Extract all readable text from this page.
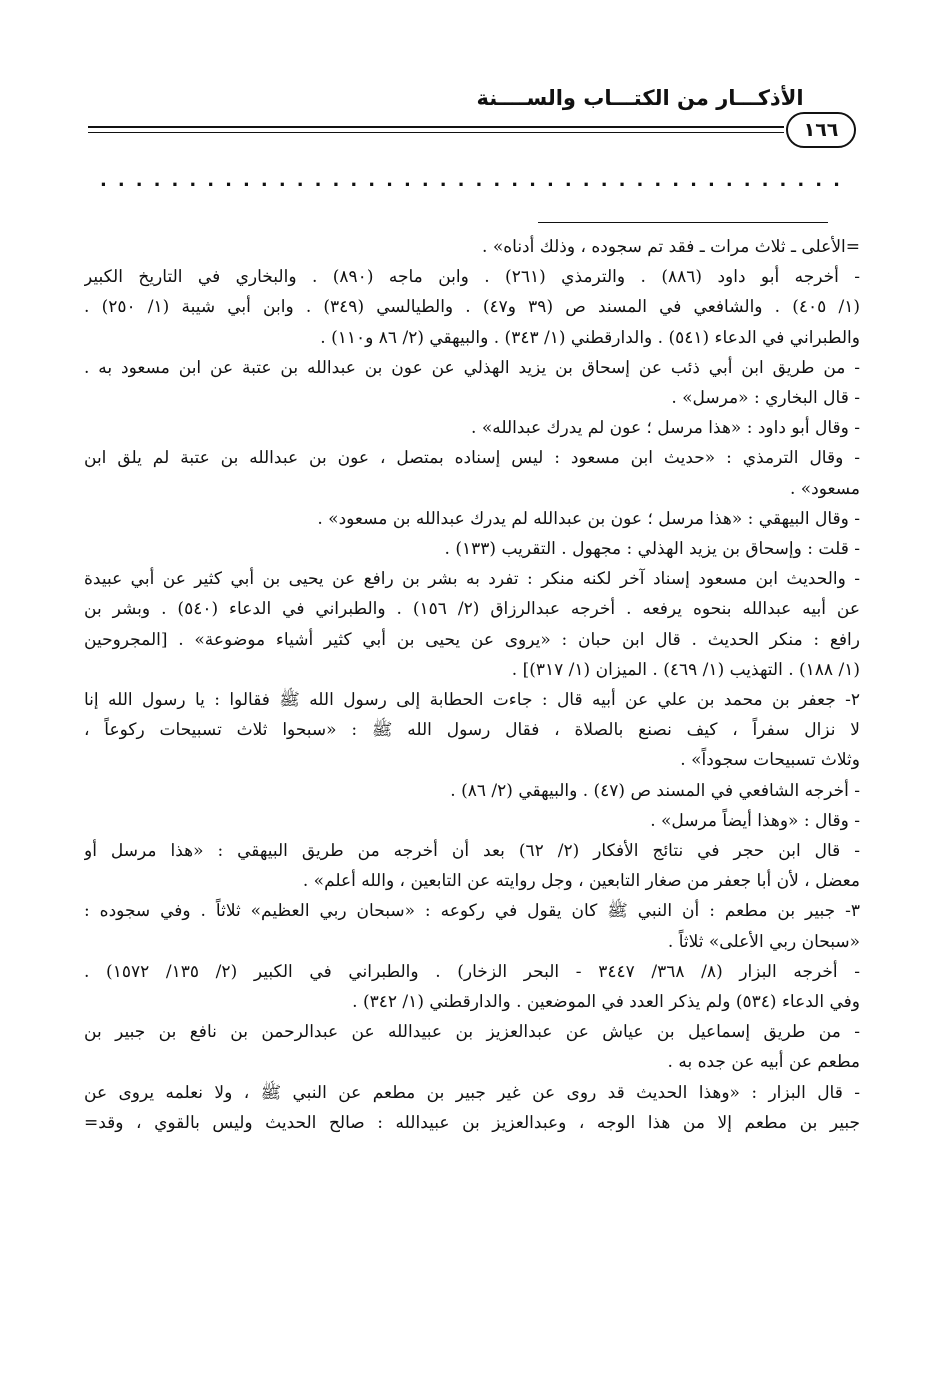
الأذكـــار من الكتـــاب والســــنة
١٦٦
. . . . . . . . . . . . . . . . . . . . . . . . . . . . . . . . . . . . . . . . . .
=الأعلى ـ ثلاث مرات ـ فقد تم سجوده ، وذلك أدناه» .
- أخرجه أبو داود (٨٨٦) . والترمذي (٢٦١) . وابن ماجه (٨٩٠) . والبخاري في التاريخ الكبير
(١/ ٤٠٥) . والشافعي في المسند ص (٣٩ و٤٧) . والطيالسي (٣٤٩) . وابن أبي شيبة (١/ ٢٥٠) .
والطبراني في الدعاء (٥٤١) . والدارقطني (١/ ٣٤٣) . والبيهقي (٢/ ٨٦ و١١٠) .
- من طريق ابن أبي ذئب عن إسحاق بن يزيد الهذلي عن عون بن عبدالله بن عتبة عن ابن مسعود به .
- قال البخاري : «مرسل» .
- وقال أبو داود : «هذا مرسل ؛ عون لم يدرك عبدالله» .
- وقال الترمذي : «حديث ابن مسعود : ليس إسناده بمتصل ، عون بن عبدالله بن عتبة لم يلق ابن
مسعود» .
- وقال البيهقي : «هذا مرسل ؛ عون بن عبدالله لم يدرك عبدالله بن مسعود» .
- قلت : وإسحاق بن يزيد الهذلي : مجهول . التقريب (١٣٣) .
- والحديث ابن مسعود إسناد آخر لكنه منكر : تفرد به بشر بن رافع عن يحيى بن أبي كثير عن أبي عبيدة
عن أبيه عبدالله بنحوه يرفعه . أخرجه عبدالرزاق (٢/ ١٥٦) . والطبراني في الدعاء (٥٤٠) . وبشر بن
رافع : منكر الحديث . قال ابن حبان : «يروى عن يحيى بن أبي كثير أشياء موضوعة» . [المجروحين
(١/ ١٨٨) . التهذيب (١/ ٤٦٩) . الميزان (١/ ٣١٧)] .
٢- جعفر بن محمد بن علي عن أبيه قال : جاءت الحطابة إلى رسول الله ﷺ فقالوا : يا رسول الله إنا
لا نزال سفراً ، كيف نصنع بالصلاة ، فقال رسول الله ﷺ : «سبحوا ثلاث تسبيحات ركوعاً ،
وثلاث تسبيحات سجوداً» .
- أخرجه الشافعي في المسند ص (٤٧) . والبيهقي (٢/ ٨٦) .
- وقال : «وهذا أيضاً مرسل» .
- قال ابن حجر في نتائج الأفكار (٢/ ٦٢) بعد أن أخرجه من طريق البيهقي : «هذا مرسل أو
معضل ، لأن أبا جعفر من صغار التابعين ، وجل روايته عن التابعين ، والله أعلم» .
٣- جبير بن مطعم : أن النبي ﷺ كان يقول في ركوعه : «سبحان ربي العظيم» ثلاثاً . وفي سجوده :
«سبحان ربي الأعلى» ثلاثاً .
- أخرجه البزار (٨/ ٣٦٨/ ٣٤٤٧ - البحر الزخار) . والطبراني في الكبير (٢/ ١٣٥/ ١٥٧٢) .
وفي الدعاء (٥٣٤) ولم يذكر العدد في الموضعين . والدارقطني (١/ ٣٤٢) .
- من طريق إسماعيل بن عياش عن عبدالعزيز بن عبيدالله عن عبدالرحمن بن نافع بن جبير بن
مطعم عن أبيه عن جده به .
- قال البزار : «وهذا الحديث قد روى عن غير جبير بن مطعم عن النبي ﷺ ، ولا نعلمه يروى عن
جبير بن مطعم إلا من هذا الوجه ، وعبدالعزيز بن عبيدالله : صالح الحديث وليس بالقوي ، وقد=
